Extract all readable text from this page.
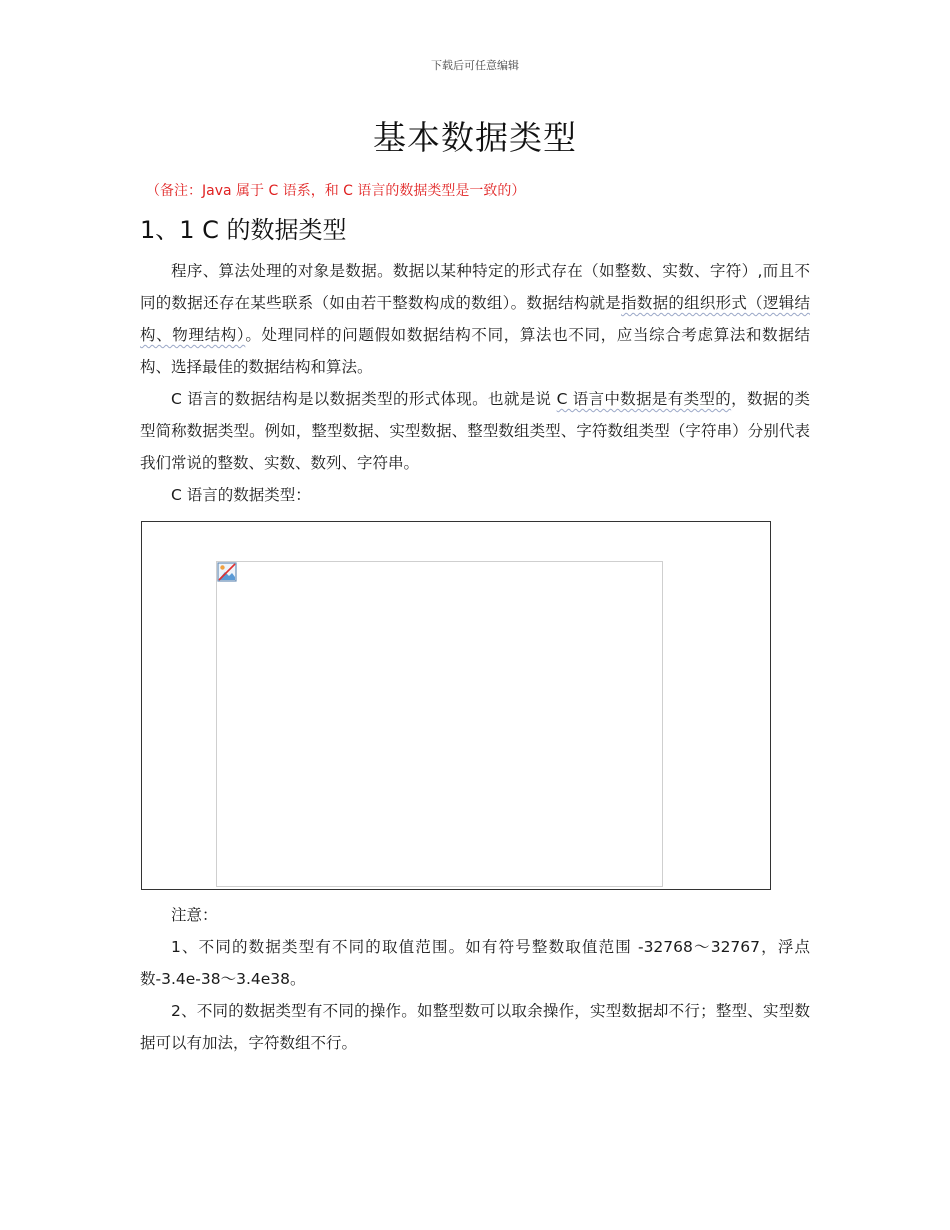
下载后可任意编辑
基本数据类型
（备注：Java 属于 C 语系，和 C 语言的数据类型是一致的）
1、1 C 的数据类型

程序、算法处理的对象是数据。数据以某种特定的形式存在（如整数、实数、字符）,而且不同的数据还存在某些联系（如由若干整数构成的数组）。数据结构就是指数据的组织形式（逻辑结构、物理结构）。处理同样的问题假如数据结构不同，算法也不同，应当综合考虑算法和数据结构、选择最佳的数据结构和算法。

C 语言的数据结构是以数据类型的形式体现。也就是说 C 语言中数据是有类型的，数据的类型简称数据类型。例如，整型数据、实型数据、整型数组类型、字符数组类型（字符串）分别代表我们常说的整数、实数、数列、字符串。

C 语言的数据类型：

注意：

1、不同的数据类型有不同的取值范围。如有符号整数取值范围 -32768～32767，浮点数-3.4e-38～3.4e38。

2、不同的数据类型有不同的操作。如整型数可以取余操作，实型数据却不行；整型、实型数据可以有加法，字符数组不行。
